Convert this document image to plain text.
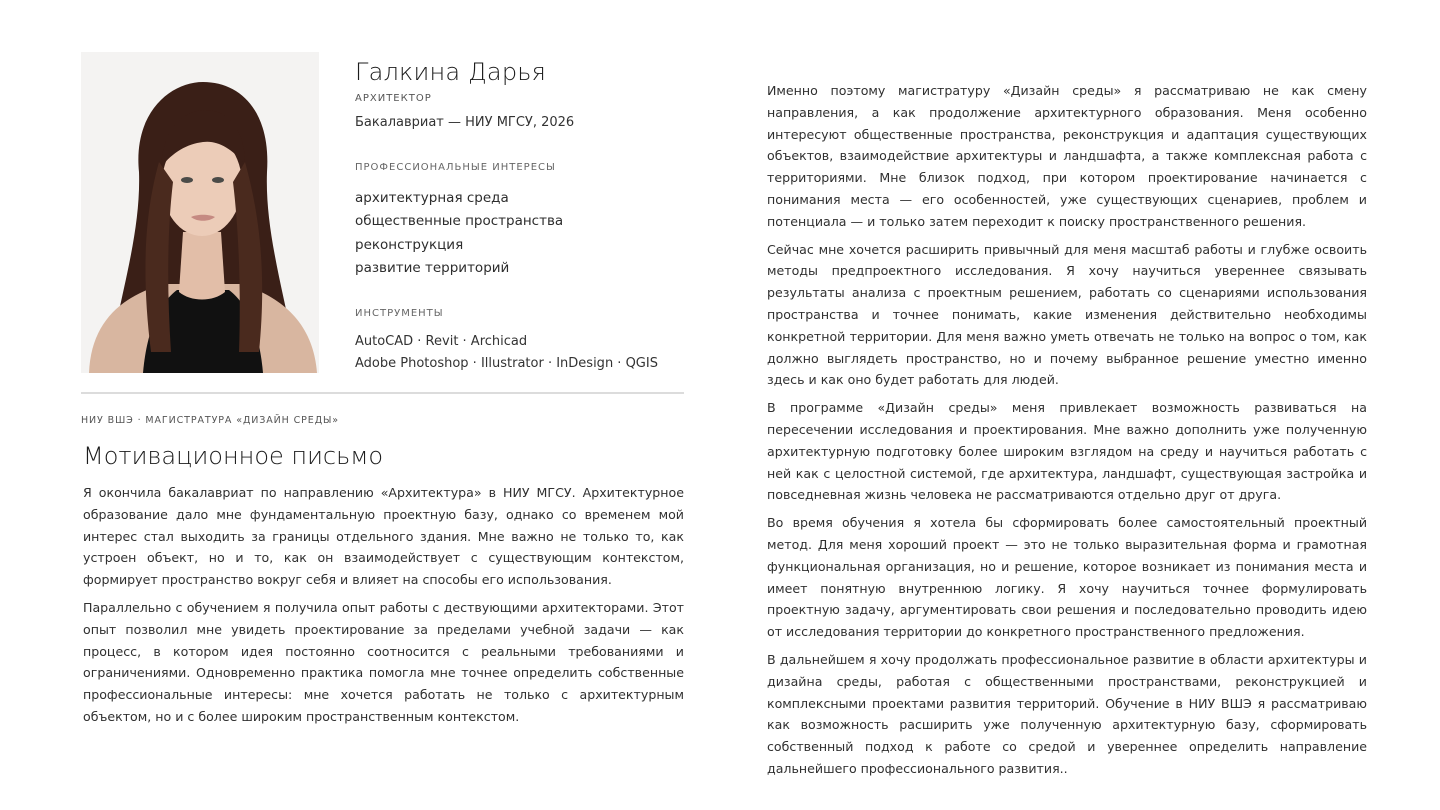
Галкина Дарья
АРХИТЕКТОР
Бакалавриат — НИУ МГСУ, 2026
ПРОФЕССИОНАЛЬНЫЕ ИНТЕРЕСЫ
архитектурная среда
общественные пространства
реконструкция
развитие территорий
ИНСТРУМЕНТЫ
AutoCAD · Revit · Archicad
Adobe Photoshop · Illustrator · InDesign · QGIS
НИУ ВШЭ · МАГИСТРАТУРА «ДИЗАЙН СРЕДЫ»
Мотивационное письмо

Я окончила бакалавриат по направлению «Архитектура» в НИУ МГСУ. Архитектурное образование дало мне фундаментальную проектную базу, однако со временем мой интерес стал выходить за границы отдельного здания. Мне важно не только то, как устроен объект, но и то, как он взаимодействует с существующим контекстом, формирует пространство вокруг себя и влияет на способы его использования.

Параллельно с обучением я получила опыт работы с дествующими архитекторами. Этот опыт позволил мне увидеть проектирование за пределами учебной задачи — как процесс, в котором идея постоянно соотносится с реальными требованиями и ограничениями. Одновременно практика помогла мне точнее определить собственные профессиональные интересы: мне хочется работать не только с архитектурным объектом, но и с более широким пространственным контекстом.

Именно поэтому магистратуру «Дизайн среды» я рассматриваю не как смену направления, а как продолжение архитектурного образования. Меня особенно интересуют общественные пространства, реконструкция и адаптация существующих объектов, взаимодействие архитектуры и ландшафта, а также комплексная работа с территориями. Мне близок подход, при котором проектирование начинается с понимания места — его особенностей, уже существующих сценариев, проблем и потенциала — и только затем переходит к поиску пространственного решения.

Сейчас мне хочется расширить привычный для меня масштаб работы и глубже освоить методы предпроектного исследования. Я хочу научиться увереннее связывать результаты анализа с проектным решением, работать со сценариями использования пространства и точнее понимать, какие изменения действительно необходимы конкретной территории. Для меня важно уметь отвечать не только на вопрос о том, как должно выглядеть пространство, но и почему выбранное решение уместно именно здесь и как оно будет работать для людей.

В программе «Дизайн среды» меня привлекает возможность развиваться на пересечении исследования и проектирования. Мне важно дополнить уже полученную архитектурную подготовку более широким взглядом на среду и научиться работать с ней как с целостной системой, где архитектура, ландшафт, существующая застройка и повседневная жизнь человека не рассматриваются отдельно друг от друга.

Во время обучения я хотела бы сформировать более самостоятельный проектный метод. Для меня хороший проект — это не только выразительная форма и грамотная функциональная организация, но и решение, которое возникает из понимания места и имеет понятную внутреннюю логику. Я хочу научиться точнее формулировать проектную задачу, аргументировать свои решения и последовательно проводить идею от исследования территории до конкретного пространственного предложения.

В дальнейшем я хочу продолжать профессиональное развитие в области архитектуры и дизайна среды, работая с общественными пространствами, реконструкцией и комплексными проектами развития территорий. Обучение в НИУ ВШЭ я рассматриваю как возможность расширить уже полученную архитектурную базу, сформировать собственный подход к работе со средой и увереннее определить направление дальнейшего профессионального развития..
